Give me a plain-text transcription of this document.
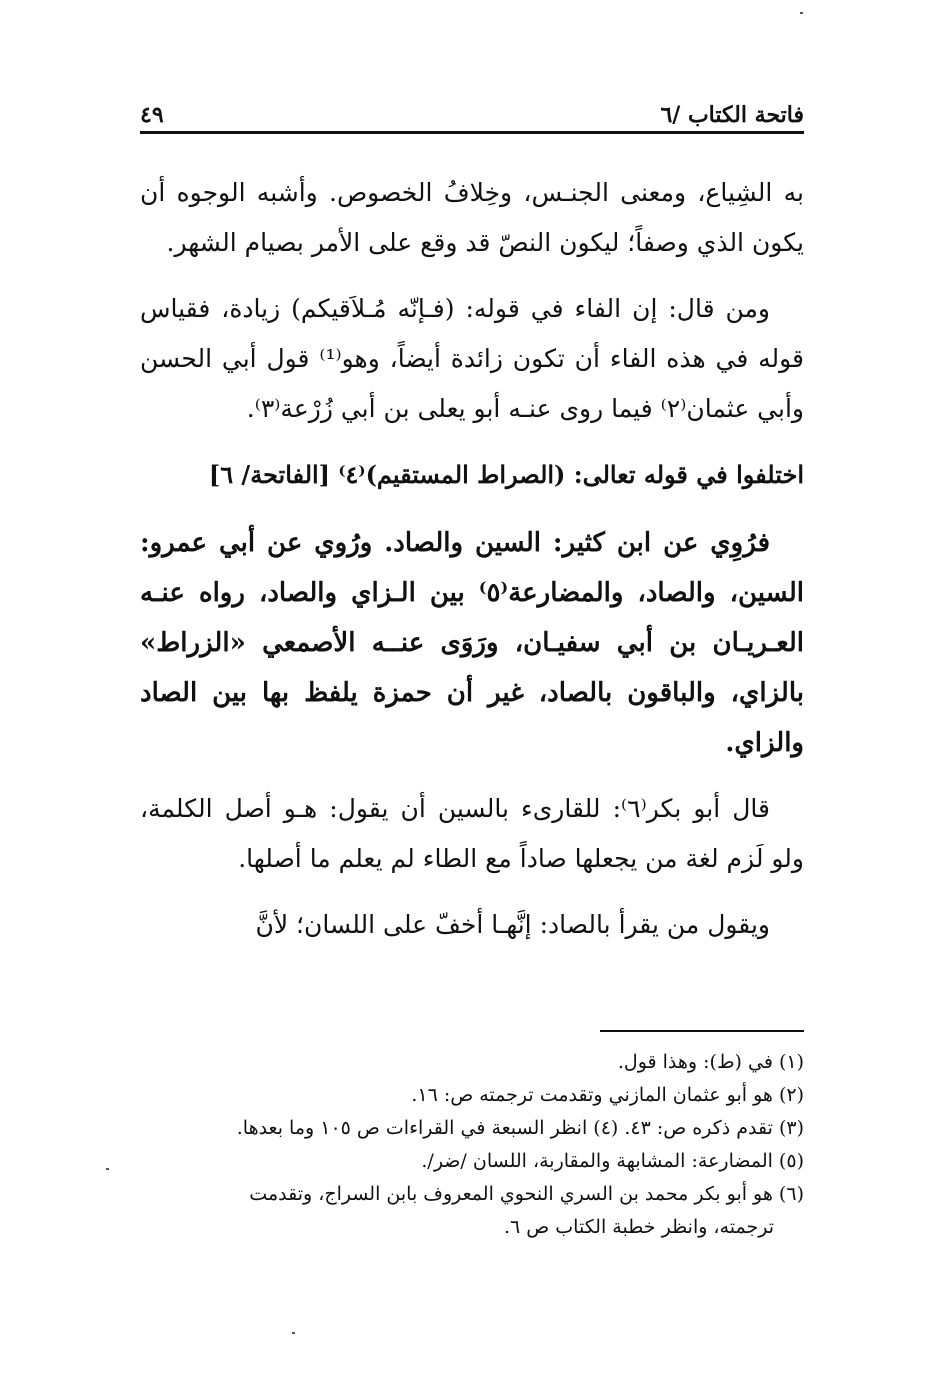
فاتحة الكتاب /٦
٤٩

به الشِياع، ومعنى الجنـس، وخِلافُ الخصوص. وأشبه الوجوه أن يكون الذي وصفاً؛ ليكون النصّ قد وقع على الأمر بصيام الشهر.

ومن قال: إن الفاء في قوله: (فـإنّه مُـلاَقيكم) زيادة، فقياس قوله في هذه الفاء أن تكون زائدة أيضاً، وهو⁽¹⁾ قول أبي الحسن وأبي عثمان⁽٢⁾ فيما روى عنـه أبو يعلى بن أبي زُرْعة⁽٣⁾.

اختلفوا في قوله تعالى: (الصراط المستقيم)⁽٤⁾ [الفاتحة/ ٦]

فرُوِي عن ابن كثير: السين والصاد. ورُوي عن أبي عمرو: السين، والصاد، والمضارعة⁽٥⁾ بين الـزاي والصاد، رواه عنـه العـريـان بن أبي سفيـان، ورَوَى عنــه الأصمعي «الزراط» بالزاي، والباقون بالصاد، غير أن حمزة يلفظ بها بين الصاد والزاي.

قال أبو بكر⁽٦⁾: للقارىء بالسين أن يقول: هـو أصل الكلمة، ولو لَزم لغة من يجعلها صاداً مع الطاء لم يعلم ما أصلها.

ويقول من يقرأ بالصاد: إنَّهـا أخفّ على اللسان؛ لأنَّ

(١) في (ط): وهذا قول.

(٢) هو أبو عثمان المازني وتقدمت ترجمته ص: ١٦.

(٣) تقدم ذكره ص: ٤٣. (٤) انظر السبعة في القراءات ص ١٠٥ وما بعدها.

(٥) المضارعة: المشابهة والمقاربة، اللسان /ضر/.

(٦) هو أبو بكر محمد بن السري النحوي المعروف بابن السراج، وتقدمت

ترجمته، وانظر خطبة الكتاب ص ٦.
